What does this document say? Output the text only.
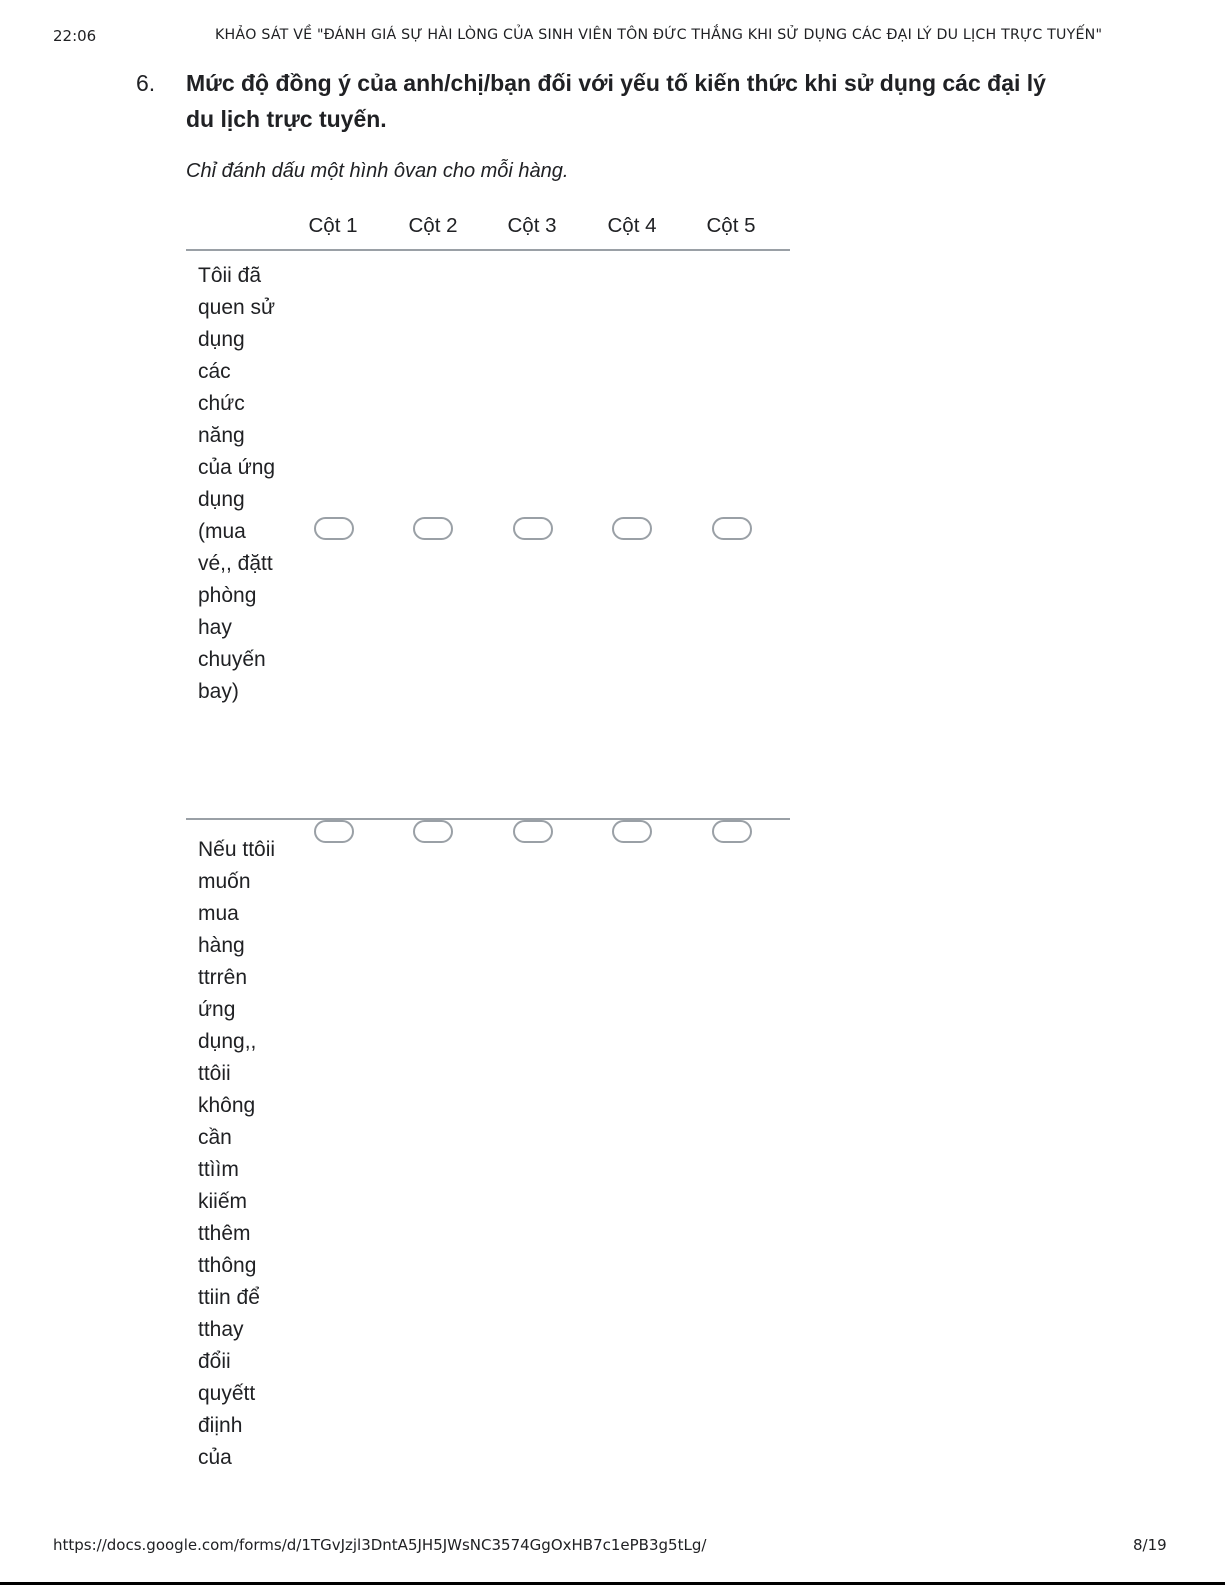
22:06	KHẢO SÁT VỀ "ĐÁNH GIÁ SỰ HÀI LÒNG CỦA SINH VIÊN TÔN ĐỨC THẮNG KHI SỬ DỤNG CÁC ĐẠI LÝ DU LỊCH TRỰC TUYẾN"
6. Mức độ đồng ý của anh/chị/bạn đối với yếu tố kiến thức khi sử dụng các đại lý du lịch trực tuyến.
Chỉ đánh dấu một hình ôvan cho mỗi hàng.
Cột 1	Cột 2	Cột 3	Cột 4	Cột 5
Tôii đã quen sử dụng các chức năng của ứng dụng (mua vé,, đặtt phòng hay chuyến bay)
Nếu ttôii muốn mua hàng ttrrên ứng dụng,, ttôii không cần ttììm kiiếm tthêm tthông ttiin để tthay đổii quyếtt điịnh của
https://docs.google.com/forms/d/1TGvJzjl3DntA5JH5JWsNC3574GgOxHB7c1ePB3g5tLg/	8/19
